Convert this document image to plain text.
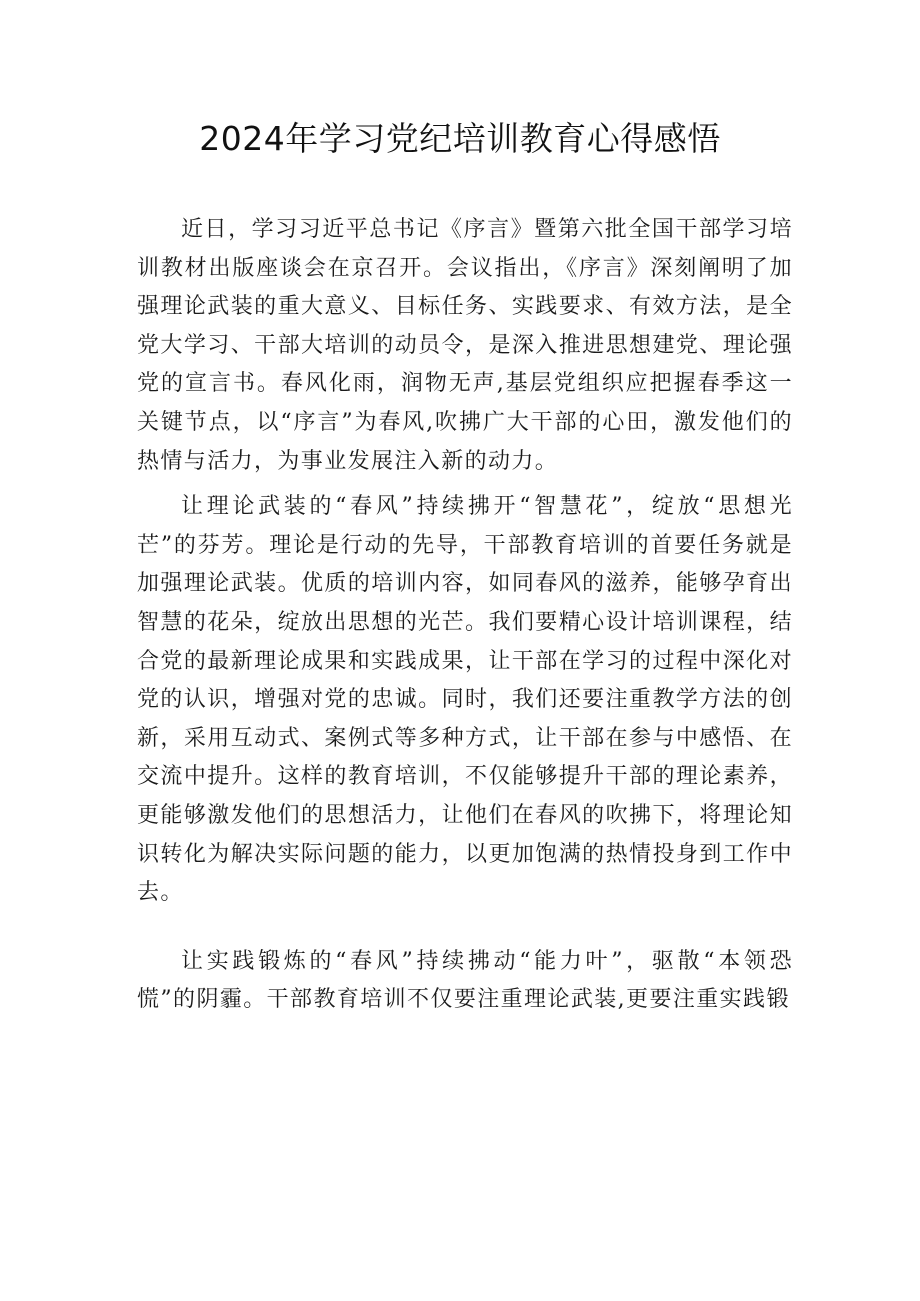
2024年学习党纪培训教育心得感悟

近日，学习习近平总书记《序言》暨第六批全国干部学习培训教材出版座谈会在京召开。会议指出，《序言》深刻阐明了加强理论武装的重大意义、目标任务、实践要求、有效方法，是全党大学习、干部大培训的动员令，是深入推进思想建党、理论强党的宣言书。春风化雨，润物无声,基层党组织应把握春季这一关键节点，以“序言”为春风,吹拂广大干部的心田，激发他们的热情与活力，为事业发展注入新的动力。

让理论武装的“春风”持续拂开“智慧花”，绽放“思想光芒”的芬芳。理论是行动的先导，干部教育培训的首要任务就是加强理论武装。优质的培训内容，如同春风的滋养，能够孕育出智慧的花朵，绽放出思想的光芒。我们要精心设计培训课程，结合党的最新理论成果和实践成果，让干部在学习的过程中深化对党的认识，增强对党的忠诚。同时，我们还要注重教学方法的创新，采用互动式、案例式等多种方式，让干部在参与中感悟、在交流中提升。这样的教育培训，不仅能够提升干部的理论素养，更能够激发他们的思想活力，让他们在春风的吹拂下，将理论知识转化为解决实际问题的能力，以更加饱满的热情投身到工作中去。

让实践锻炼的“春风”持续拂动“能力叶”，驱散“本领恐慌”的阴霾。干部教育培训不仅要注重理论武装,更要注重实践锻
